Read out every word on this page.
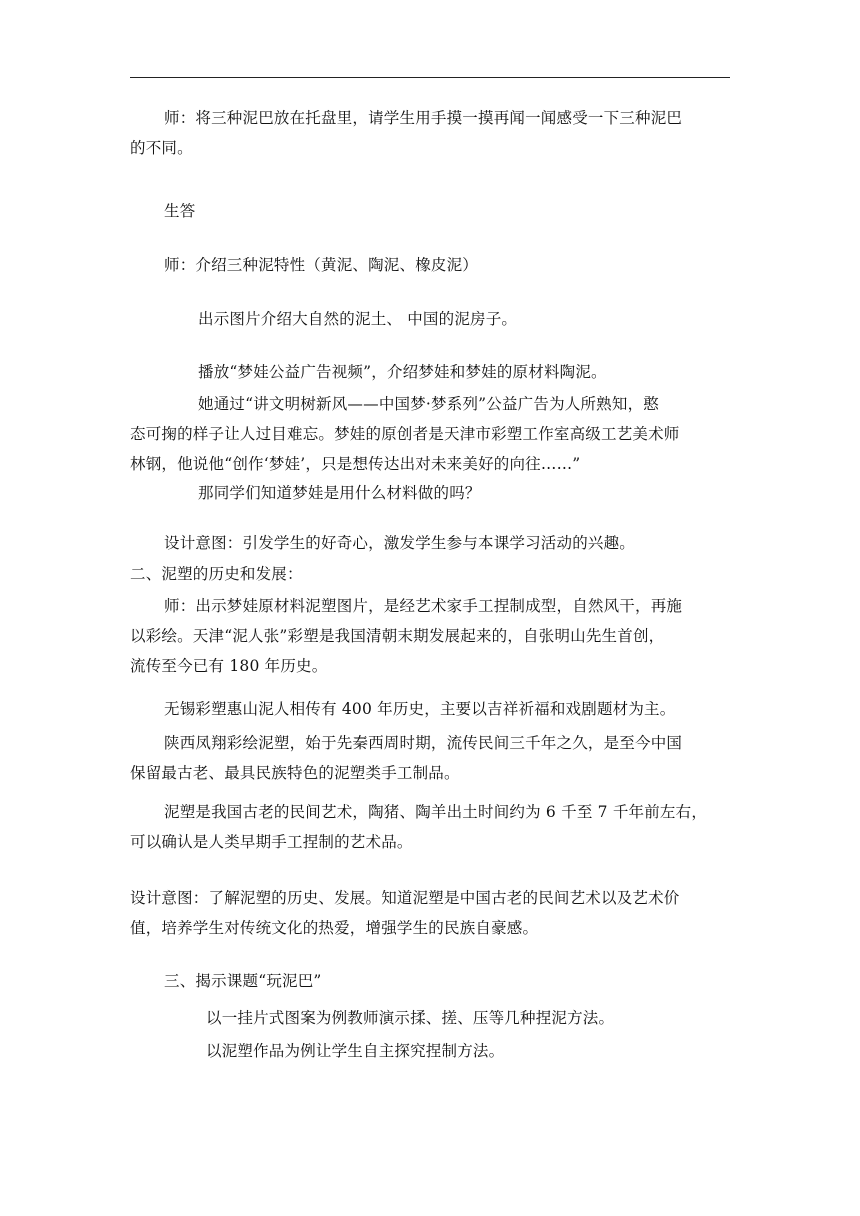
师：将三种泥巴放在托盘里，请学生用手摸一摸再闻一闻感受一下三种泥巴
的不同。
生答
师：介绍三种泥特性（黄泥、陶泥、橡皮泥）
出示图片介绍大自然的泥土、 中国的泥房子。
播放“梦娃公益广告视频”，介绍梦娃和梦娃的原材料陶泥。
她通过“讲文明树新风——中国梦·梦系列”公益广告为人所熟知，憨
态可掬的样子让人过目难忘。梦娃的原创者是天津市彩塑工作室高级工艺美术师
林钢，他说他“创作‘梦娃’，只是想传达出对未来美好的向往……”
那同学们知道梦娃是用什么材料做的吗？
设计意图：引发学生的好奇心，激发学生参与本课学习活动的兴趣。
二、泥塑的历史和发展：
师：出示梦娃原材料泥塑图片，是经艺术家手工捏制成型，自然风干，再施
以彩绘。天津“泥人张”彩塑是我国清朝末期发展起来的，自张明山先生首创，
流传至今已有 180 年历史。
无锡彩塑惠山泥人相传有 400 年历史，主要以吉祥祈福和戏剧题材为主。
陕西凤翔彩绘泥塑，始于先秦西周时期，流传民间三千年之久，是至今中国
保留最古老、最具民族特色的泥塑类手工制品。
泥塑是我国古老的民间艺术，陶猪、陶羊出土时间约为 6 千至 7 千年前左右，
可以确认是人类早期手工捏制的艺术品。
设计意图：了解泥塑的历史、发展。知道泥塑是中国古老的民间艺术以及艺术价
值，培养学生对传统文化的热爱，增强学生的民族自豪感。
三、揭示课题“玩泥巴”
以一挂片式图案为例教师演示揉、搓、压等几种捏泥方法。
以泥塑作品为例让学生自主探究捏制方法。
